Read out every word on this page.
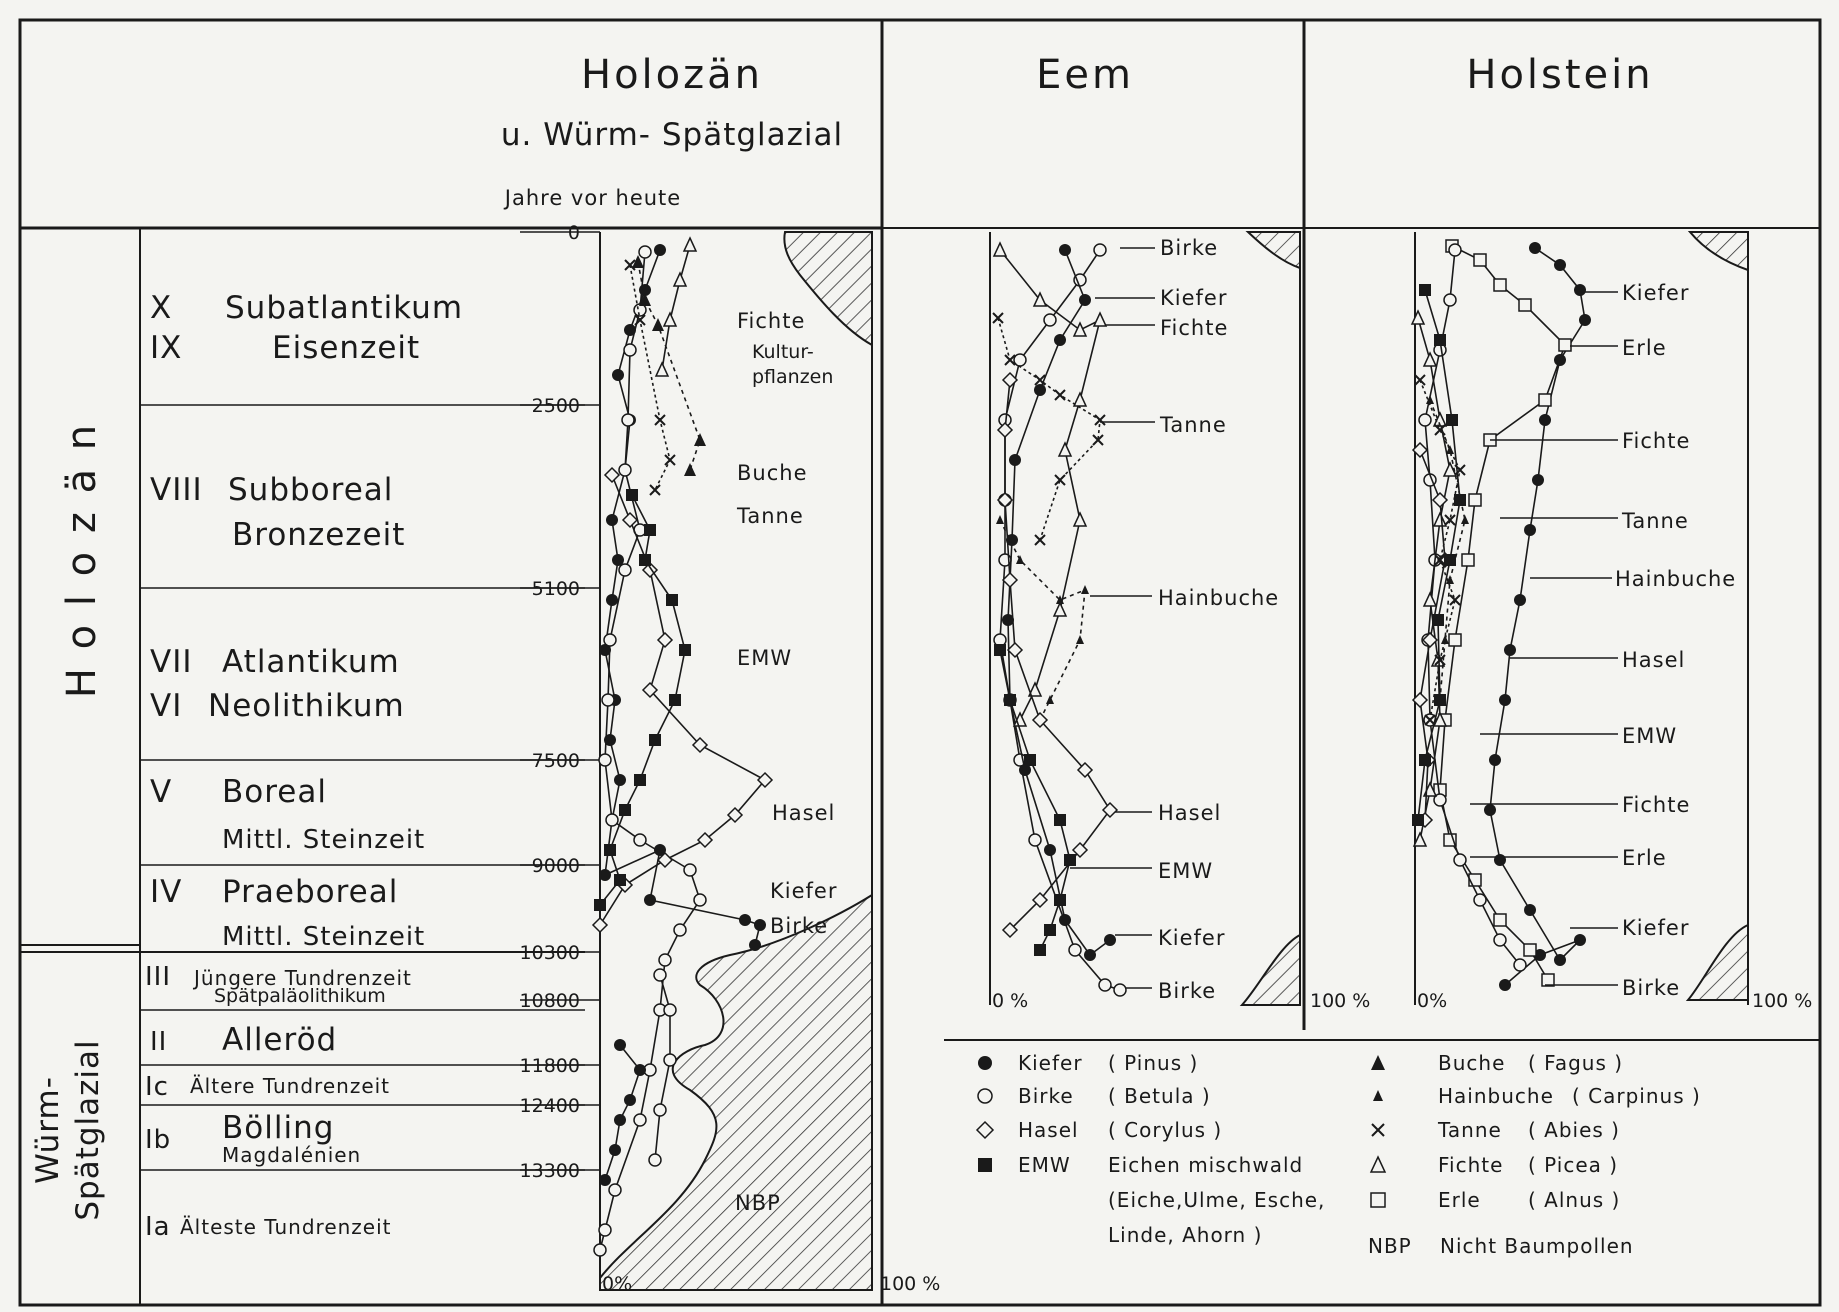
Holozän
u. Würm- Spätglazial
Jahre vor heute
Eem	Holstein
H o l o z ä n
Würm- Spätglazial
X Subatlantikum
IX	Eisenzeit
VIII Subboreal
Bronzezeit
VII Atlantikum
VI Neolithikum
V Boreal
Mittl. Steinzeit
IV Praeboreal
Mittl. Steinzeit
III Jüngere Tundrenzeit
Spätpaläolithikum
II Alleröd
Ic Ältere Tundrenzeit
Ib Bölling
Magdalénien
Ia Älteste Tundrenzeit
0
2500
5100
7500
9000
10300
10800
11800
12400
13300
Fichte
Kultur-
pflanzen
Buche
Tanne
EMW
Hasel
Kiefer
Birke
NBP
Birke
Kiefer
Fichte
Tanne
Hainbuche
Hasel
EMW
Kiefer
Birke
Kiefer
Erle
Fichte
Tanne
Hainbuche
Hasel
EMW
Fichte
Erle
Kiefer
Birke
0%	100 %
0 %	100 % 0%	100 %
Kiefer ( Pinus )
Birke ( Betula )
Hasel ( Corylus )
EMW Eichen mischwald
Buche ( Fagus )
Hainbuche ( Carpinus )
Tanne ( Abies )
Fichte ( Picea )
Erle ( Alnus )
(Eiche,Ulme, Esche,
Linde, Ahorn )	NBP Nicht Baumpollen
